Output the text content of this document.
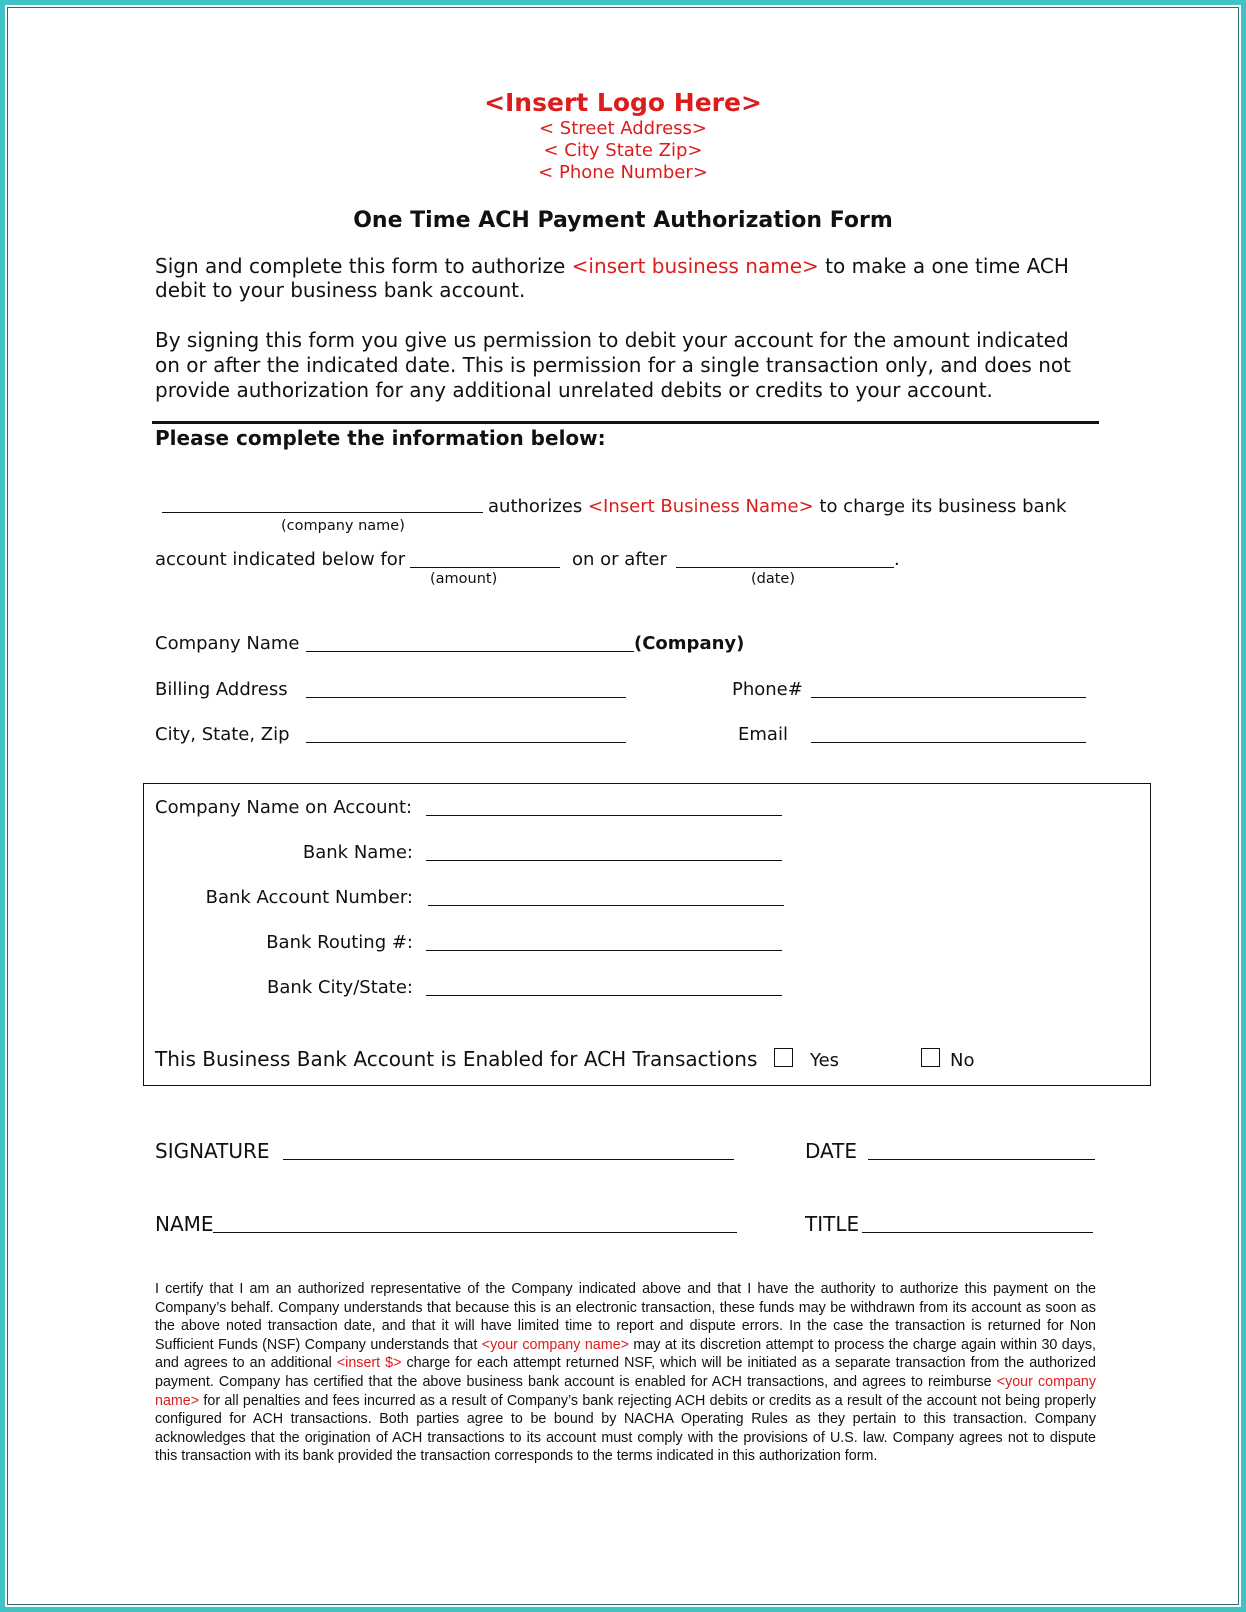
<Insert Logo Here>
< Street Address>
< City State Zip>
< Phone Number>
One Time ACH Payment Authorization Form
Sign and complete this form to authorize <insert business name> to make a one time ACH
debit to your business bank account.
By signing this form you give us permission to debit your account for the amount indicated
on or after the indicated date. This is permission for a single transaction only, and does not
provide authorization for any additional unrelated debits or credits to your account.
Please complete the information below:
authorizes <Insert Business Name> to charge its business bank
(company name)
account indicated below for	on or after	.
(amount)	(date)
Company Name	(Company)
Billing Address	Phone#
City, State, Zip	Email
Company Name on Account:
Bank Name:
Bank Account Number:
Bank Routing #:
Bank City/State:
This Business Bank Account is Enabled for ACH Transactions	Yes	No
SIGNATURE	DATE
NAME	TITLE
I certify that I am an authorized representative of the Company indicated above and that I have the authority to authorize this payment on the Company’s behalf. Company understands that because this is an electronic transaction, these funds may be withdrawn from its account as soon as the above noted transaction date, and that it will have limited time to report and dispute errors. In the case the transaction is returned for Non Sufficient Funds (NSF) Company understands that <your company name> may at its discretion attempt to process the charge again within 30 days, and agrees to an additional <insert $> charge for each attempt returned NSF, which will be initiated as a separate transaction from the authorized payment. Company has certified that the above business bank account is enabled for ACH transactions, and agrees to reimburse <your company name> for all penalties and fees incurred as a result of Company’s bank rejecting ACH debits or credits as a result of the account not being properly configured for ACH transactions. Both parties agree to be bound by NACHA Operating Rules as they pertain to this transaction. Company acknowledges that the origination of ACH transactions to its account must comply with the provisions of U.S. law. Company agrees not to dispute this transaction with its bank provided the transaction corresponds to the terms indicated in this authorization form.
